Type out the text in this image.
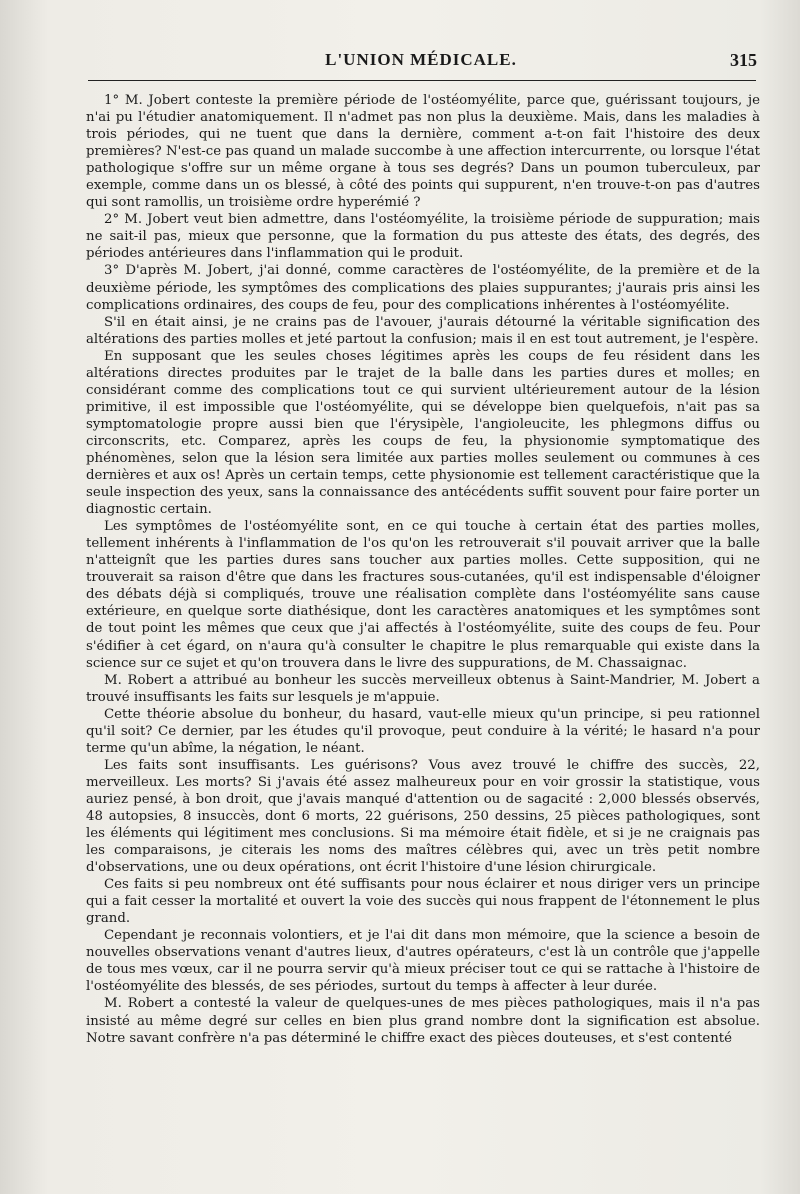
L'UNION MÉDICALE.	315

1° M. Jobert conteste la première période de l'ostéomyélite, parce que, guérissant toujours, je n'ai pu l'étudier anatomiquement. Il n'admet pas non plus la deuxième. Mais, dans les maladies à trois périodes, qui ne tuent que dans la dernière, comment a-t-on fait l'histoire des deux premières? N'est-ce pas quand un malade succombe à une affection intercurrente, ou lorsque l'état pathologique s'offre sur un même organe à tous ses degrés? Dans un poumon tuberculeux, par exemple, comme dans un os blessé, à côté des points qui suppurent, n'en trouve-t-on pas d'autres qui sont ramollis, un troisième ordre hyperémié ?

2° M. Jobert veut bien admettre, dans l'ostéomyélite, la troisième période de suppuration; mais ne sait-il pas, mieux que personne, que la formation du pus atteste des états, des degrés, des périodes antérieures dans l'inflammation qui le produit.

3° D'après M. Jobert, j'ai donné, comme caractères de l'ostéomyélite, de la première et de la deuxième période, les symptômes des complications des plaies suppurantes; j'aurais pris ainsi les complications ordinaires, des coups de feu, pour des complications inhérentes à l'ostéomyélite.

S'il en était ainsi, je ne crains pas de l'avouer, j'aurais détourné la véritable signification des altérations des parties molles et jeté partout la confusion; mais il en est tout autrement, je l'espère.

En supposant que les seules choses légitimes après les coups de feu résident dans les altérations directes produites par le trajet de la balle dans les parties dures et molles; en considérant comme des complications tout ce qui survient ultérieurement autour de la lésion primitive, il est impossible que l'ostéomyélite, qui se développe bien quelquefois, n'ait pas sa symptomatologie propre aussi bien que l'érysipèle, l'angioleucite, les phlegmons diffus ou circonscrits, etc. Comparez, après les coups de feu, la physionomie symptomatique des phénomènes, selon que la lésion sera limitée aux parties molles seulement ou communes à ces dernières et aux os! Après un certain temps, cette physionomie est tellement caractéristique que la seule inspection des yeux, sans la connaissance des antécédents suffit souvent pour faire porter un diagnostic certain.

Les symptômes de l'ostéomyélite sont, en ce qui touche à certain état des parties molles, tellement inhérents à l'inflammation de l'os qu'on les retrouverait s'il pouvait arriver que la balle n'atteignît que les parties dures sans toucher aux parties molles. Cette supposition, qui ne trouverait sa raison d'être que dans les fractures sous-cutanées, qu'il est indispensable d'éloigner des débats déjà si compliqués, trouve une réalisation complète dans l'ostéomyélite sans cause extérieure, en quelque sorte diathésique, dont les caractères anatomiques et les symptômes sont de tout point les mêmes que ceux que j'ai affectés à l'ostéomyélite, suite des coups de feu. Pour s'édifier à cet égard, on n'aura qu'à consulter le chapitre le plus remarquable qui existe dans la science sur ce sujet et qu'on trouvera dans le livre des suppurations, de M. Chassaignac.

M. Robert a attribué au bonheur les succès merveilleux obtenus à Saint-Mandrier, M. Jobert a trouvé insuffisants les faits sur lesquels je m'appuie.

Cette théorie absolue du bonheur, du hasard, vaut-elle mieux qu'un principe, si peu rationnel qu'il soit? Ce dernier, par les études qu'il provoque, peut conduire à la vérité; le hasard n'a pour terme qu'un abîme, la négation, le néant.

Les faits sont insuffisants. Les guérisons? Vous avez trouvé le chiffre des succès, 22, merveilleux. Les morts? Si j'avais été assez malheureux pour en voir grossir la statistique, vous auriez pensé, à bon droit, que j'avais manqué d'attention ou de sagacité : 2,000 blessés observés, 48 autopsies, 8 insuccès, dont 6 morts, 22 guérisons, 250 dessins, 25 pièces pathologiques, sont les éléments qui légitiment mes conclusions. Si ma mémoire était fidèle, et si je ne craignais pas les comparaisons, je citerais les noms des maîtres célèbres qui, avec un très petit nombre d'observations, une ou deux opérations, ont écrit l'histoire d'une lésion chirurgicale.

Ces faits si peu nombreux ont été suffisants pour nous éclairer et nous diriger vers un principe qui a fait cesser la mortalité et ouvert la voie des succès qui nous frappent de l'étonnement le plus grand.

Cependant je reconnais volontiers, et je l'ai dit dans mon mémoire, que la science a besoin de nouvelles observations venant d'autres lieux, d'autres opérateurs, c'est là un contrôle que j'appelle de tous mes vœux, car il ne pourra servir qu'à mieux préciser tout ce qui se rattache à l'histoire de l'ostéomyélite des blessés, de ses périodes, surtout du temps à affecter à leur durée.

M. Robert a contesté la valeur de quelques-unes de mes pièces pathologiques, mais il n'a pas insisté au même degré sur celles en bien plus grand nombre dont la signification est absolue. Notre savant confrère n'a pas déterminé le chiffre exact des pièces douteuses, et s'est contenté
